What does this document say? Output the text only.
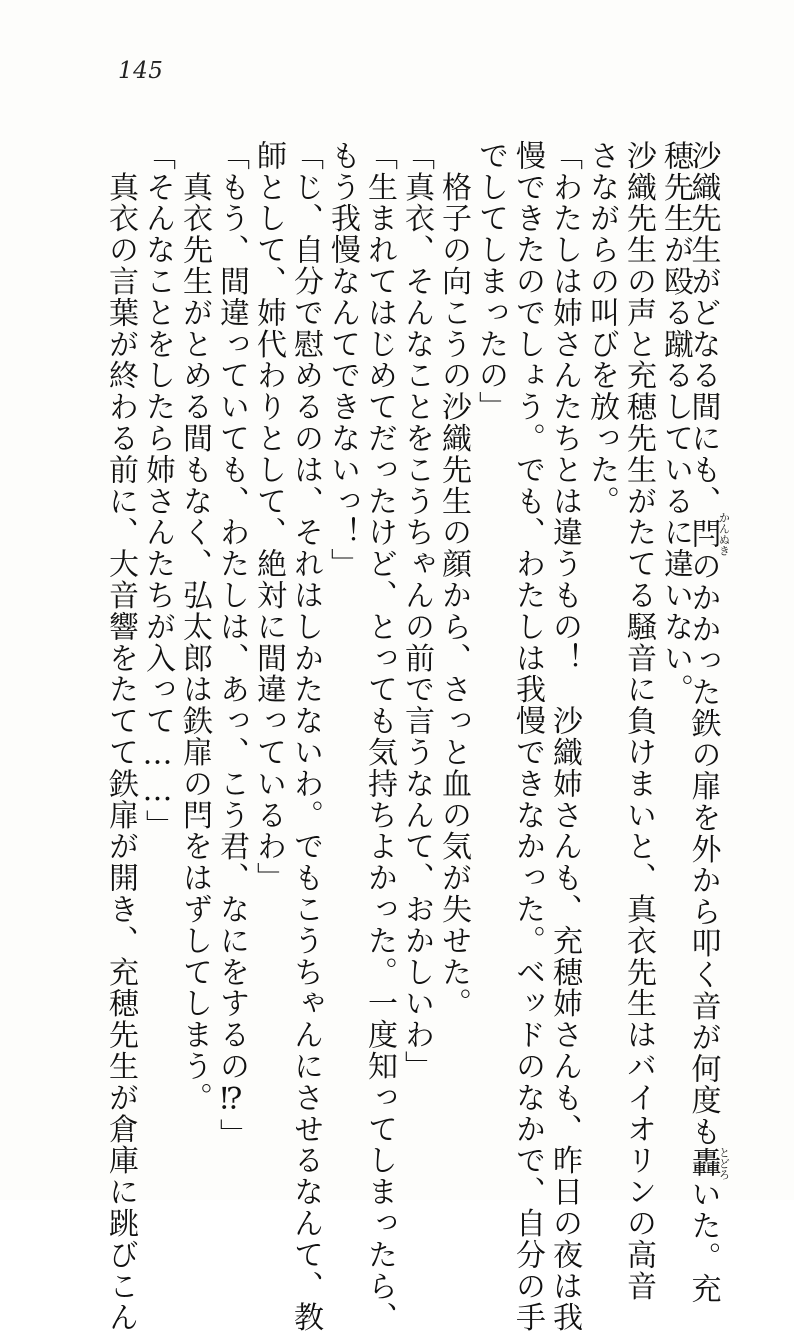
145
沙織先生がどなる間にも、閂かんぬきのかかった鉄の扉を外から叩く音が何度も轟とどろいた。充
穂先生が殴る蹴るしているに違いない。
沙織先生の声と充穂先生がたてる騒音に負けまいと、真衣先生はバイオリンの高音
さながらの叫びを放った。
「わたしは姉さんたちとは違うもの！　沙織姉さんも、充穂姉さんも、昨日の夜は我
慢できたのでしょう。でも、わたしは我慢できなかった。ベッドのなかで、自分の手
でしてしまったの」
　格子の向こうの沙織先生の顔から、さっと血の気が失せた。
「真衣、そんなことをこうちゃんの前で言うなんて、おかしいわ」
「生まれてはじめてだったけど、とっても気持ちよかった。一度知ってしまったら、
もう我慢なんてできないっ！」
「じ、自分で慰めるのは、それはしかたないわ。でもこうちゃんにさせるなんて、教
師として、姉代わりとして、絶対に間違っているわ」
「もう、間違っていても、わたしは、あっ、こう君、なにをするの⁉」
　真衣先生がとめる間もなく、弘太郎は鉄扉の閂をはずしてしまう。
「そんなことをしたら姉さんたちが入って……」
　真衣の言葉が終わる前に、大音響をたてて鉄扉が開き、充穂先生が倉庫に跳びこん
